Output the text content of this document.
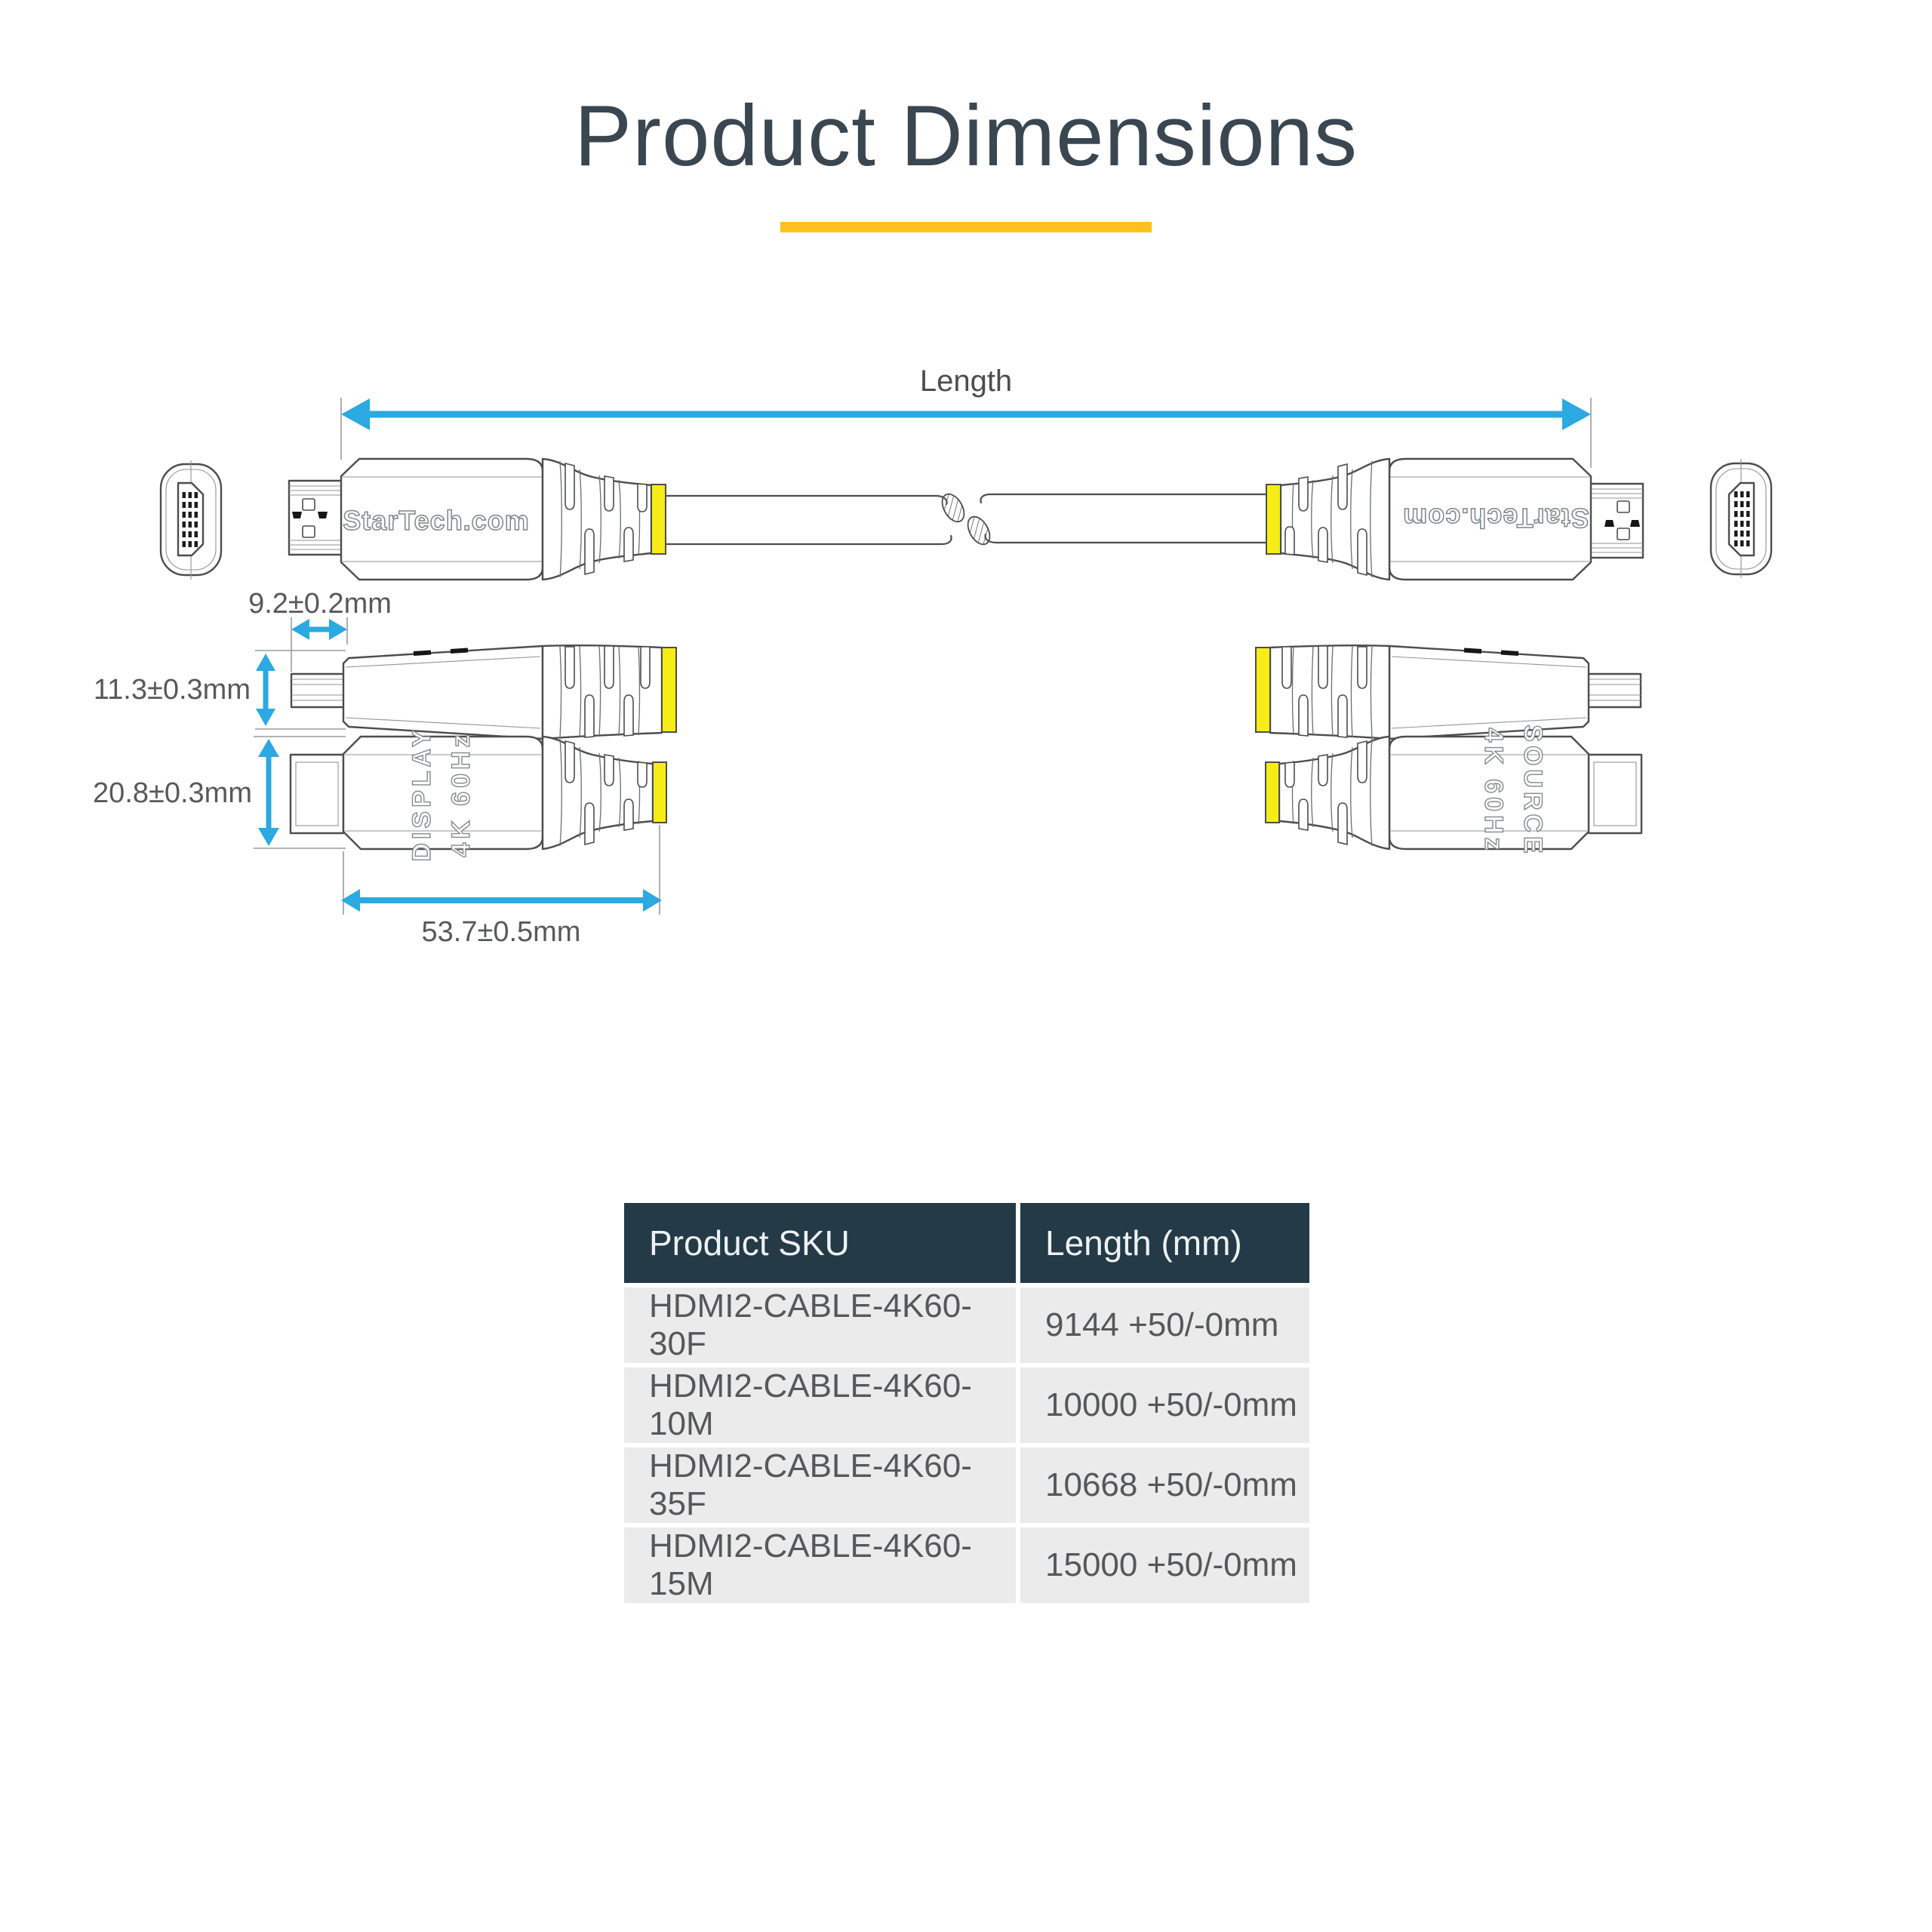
Product Dimensions
Length
9.2±0.2mm
11.3±0.3mm
20.8±0.3mm
53.7±0.5mm
StarTech.com	StarTech.com
DISPLAY 4K 60Hz	SOURCE
4K 60Hz
Product SKU	Length (mm)
HDMI2-CABLE-4K60-30F
9144 +50/-0mm
HDMI2-CABLE-4K60-10M
10000 +50/-0mm
HDMI2-CABLE-4K60-35F
10668 +50/-0mm
HDMI2-CABLE-4K60-15M
15000 +50/-0mm
